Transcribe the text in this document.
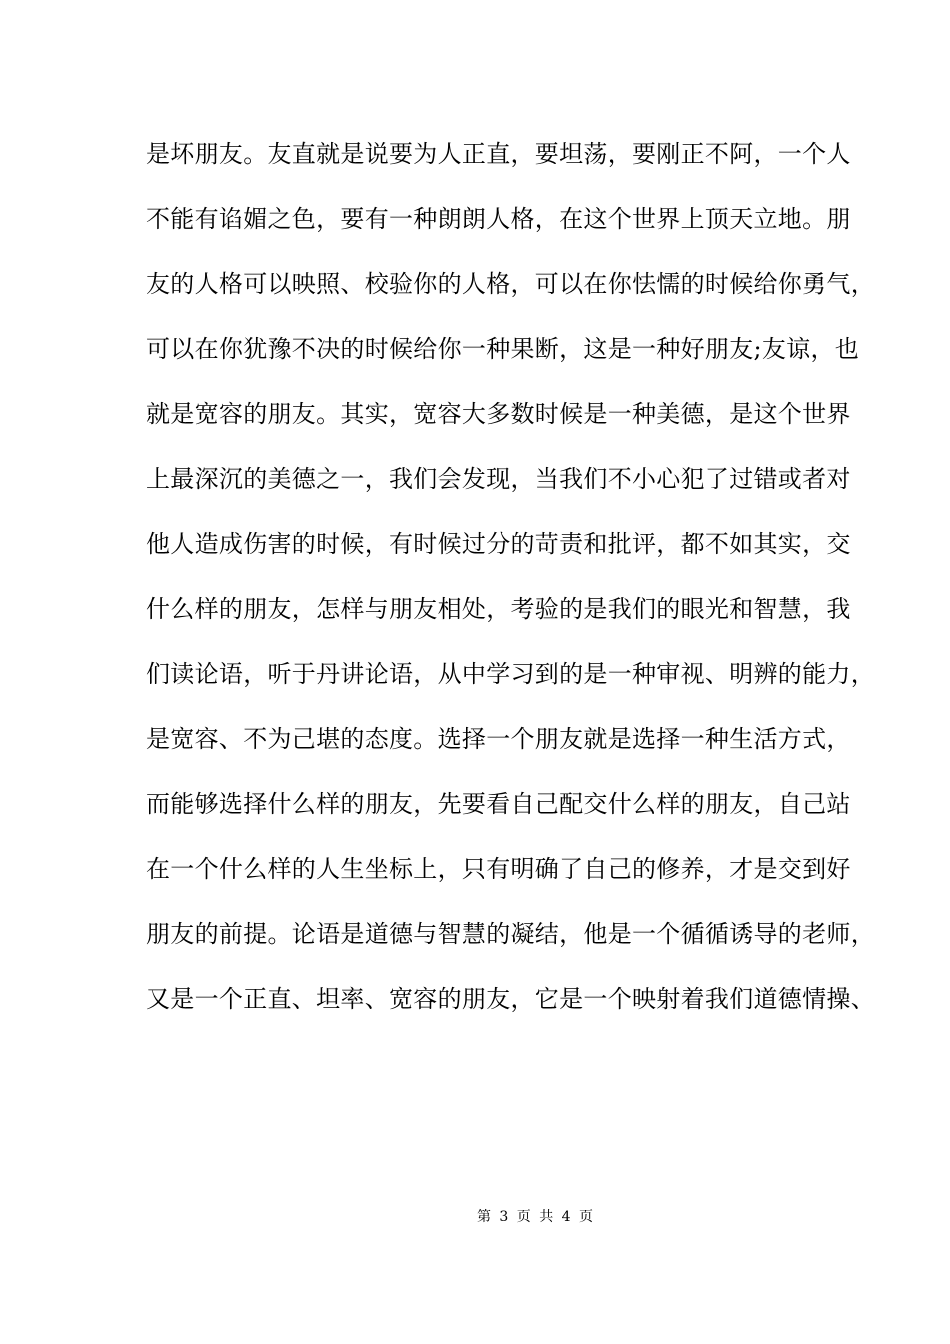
是坏朋友。友直就是说要为人正直，要坦荡，要刚正不阿，一个人
不能有谄媚之色，要有一种朗朗人格，在这个世界上顶天立地。朋
友的人格可以映照、校验你的人格，可以在你怯懦的时候给你勇气，
可以在你犹豫不决的时候给你一种果断，这是一种好朋友;友谅，也
就是宽容的朋友。其实，宽容大多数时候是一种美德，是这个世界
上最深沉的美德之一，我们会发现，当我们不小心犯了过错或者对
他人造成伤害的时候，有时候过分的苛责和批评，都不如其实，交
什么样的朋友，怎样与朋友相处，考验的是我们的眼光和智慧，我
们读论语，听于丹讲论语，从中学习到的是一种审视、明辨的能力，
是宽容、不为己堪的态度。选择一个朋友就是选择一种生活方式，
而能够选择什么样的朋友，先要看自己配交什么样的朋友，自己站
在一个什么样的人生坐标上，只有明确了自己的修养，才是交到好
朋友的前提。论语是道德与智慧的凝结，他是一个循循诱导的老师，
又是一个正直、坦率、宽容的朋友，它是一个映射着我们道德情操、
第 3 页 共 4 页
